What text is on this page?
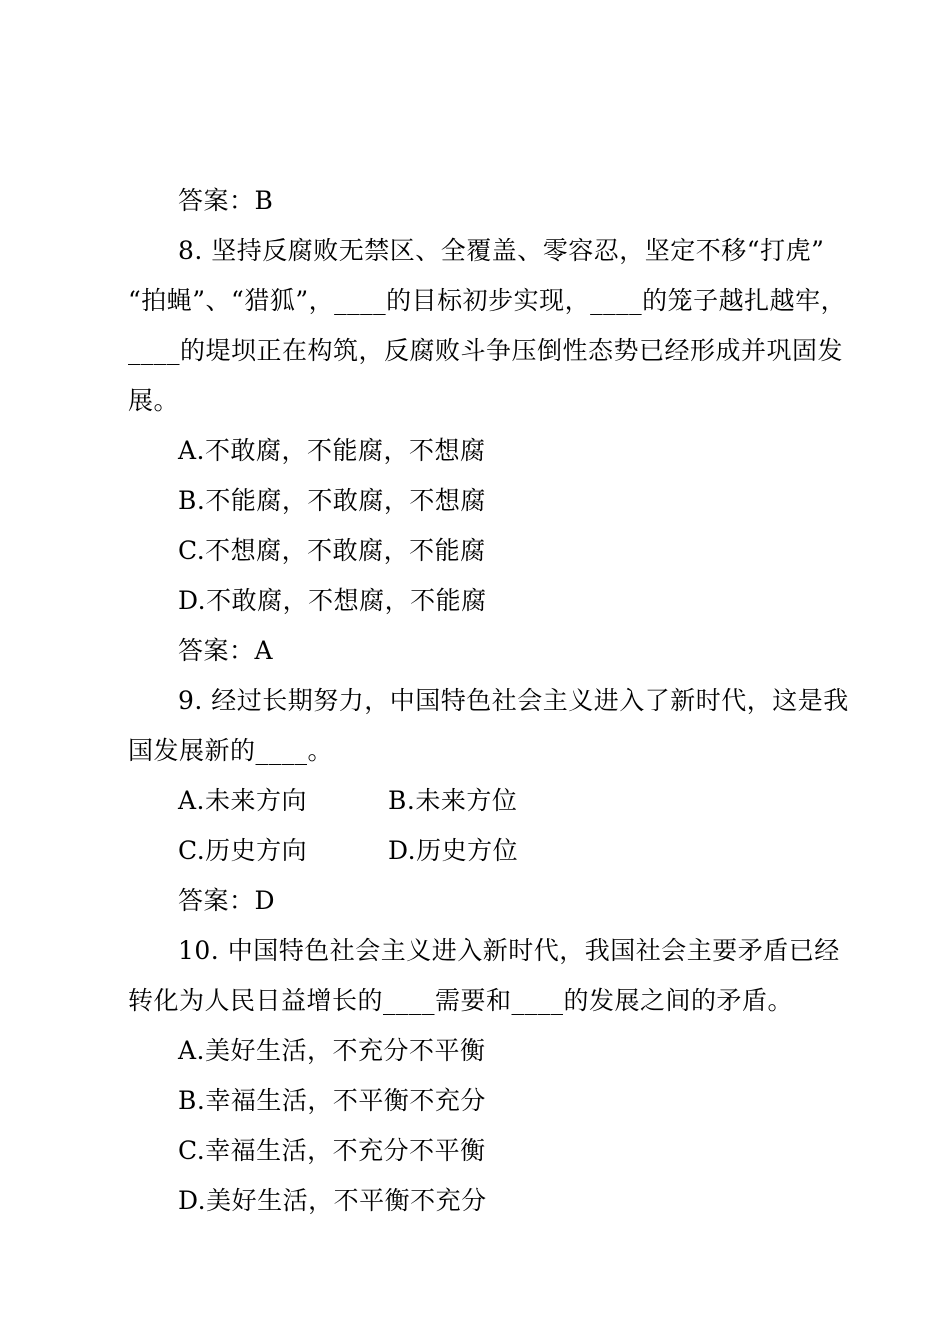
答案：B
8. 坚持反腐败无禁区、全覆盖、零容忍，坚定不移“打虎”
“拍蝇”、“猎狐”，____的目标初步实现，____的笼子越扎越牢，
____的堤坝正在构筑，反腐败斗争压倒性态势已经形成并巩固发
展。
A.不敢腐，不能腐，不想腐
B.不能腐，不敢腐，不想腐
C.不想腐，不敢腐，不能腐
D.不敢腐，不想腐，不能腐
答案：A
9. 经过长期努力，中国特色社会主义进入了新时代，这是我
国发展新的____。
A.未来方向	B.未来方位
C.历史方向	D.历史方位
答案：D
10. 中国特色社会主义进入新时代，我国社会主要矛盾已经
转化为人民日益增长的____需要和____的发展之间的矛盾。
A.美好生活，不充分不平衡
B.幸福生活，不平衡不充分
C.幸福生活，不充分不平衡
D.美好生活，不平衡不充分
